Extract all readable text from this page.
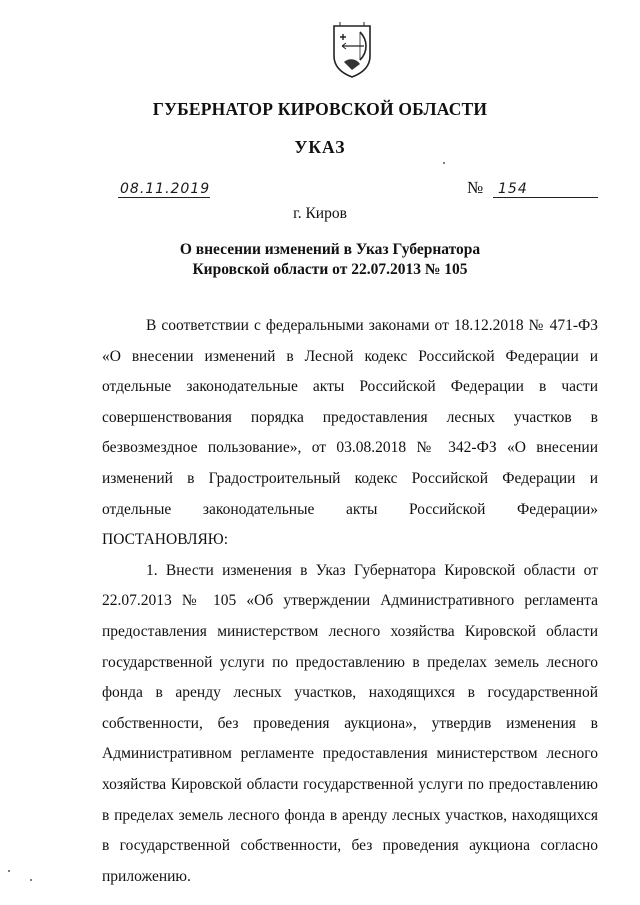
ГУБЕРНАТОР КИРОВСКОЙ ОБЛАСТИ
УКАЗ
08.11.2019	№ 154
г. Киров
О внесении изменений в Указ Губернатора
Кировской области от 22.07.2013 № 105

В соответствии с федеральными законами от 18.12.2018 № 471-ФЗ «О внесении изменений в Лесной кодекс Российской Федерации и отдельные законодательные акты Российской Федерации в части совершенствования порядка предоставления лесных участков в безвозмездное пользование», от 03.08.2018 № 342-ФЗ «О внесении изменений в Градостроительный кодекс Российской Федерации и отдельные законодательные акты Российской Федерации» ПОСТАНОВЛЯЮ:

1. Внести изменения в Указ Губернатора Кировской области от 22.07.2013 № 105 «Об утверждении Административного регламента предоставления министерством лесного хозяйства Кировской области государственной услуги по предоставлению в пределах земель лесного фонда в аренду лесных участков, находящихся в государственной собственности, без проведения аукциона», утвердив изменения в Административном регламенте предоставления министерством лесного хозяйства Кировской области государственной услуги по предоставлению в пределах земель лесного фонда в аренду лесных участков, находящихся в государственной собственности, без проведения аукциона согласно приложению.
